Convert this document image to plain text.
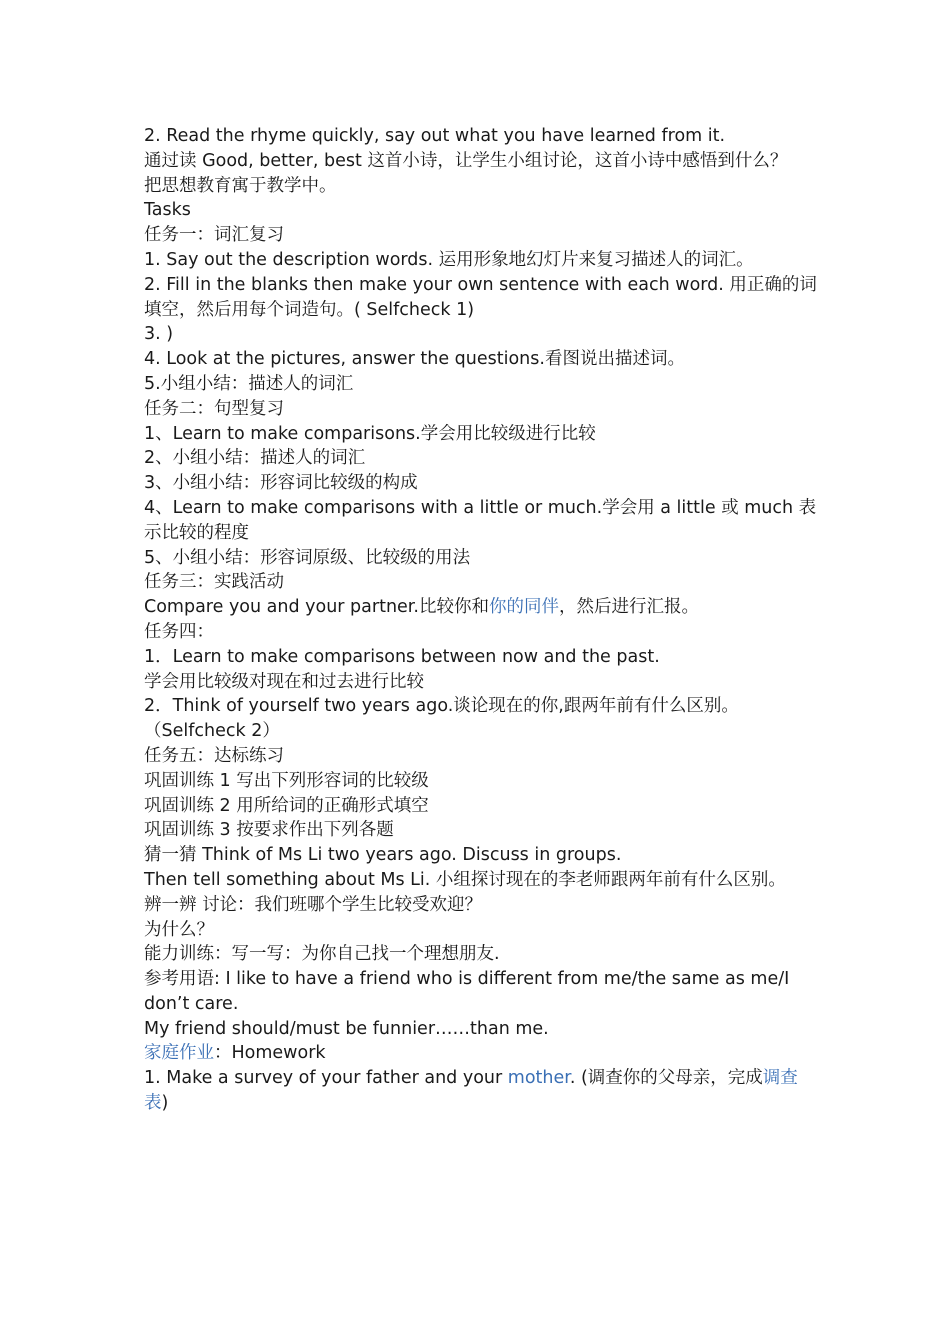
2. Read the rhyme quickly, say out what you have learned from it.
通过读 Good, better, best 这首小诗，让学生小组讨论，这首小诗中感悟到什么？
把思想教育寓于教学中。
Tasks
任务一：词汇复习
1. Say out the description words. 运用形象地幻灯片来复习描述人的词汇。
2. Fill in the blanks then make your own sentence with each word. 用正确的词
填空，然后用每个词造句。( Selfcheck 1)
3. )
4. Look at the pictures, answer the questions.看图说出描述词。
5.小组小结：描述人的词汇
任务二：句型复习
1、Learn to make comparisons.学会用比较级进行比较
2、小组小结：描述人的词汇
3、小组小结：形容词比较级的构成
4、Learn to make comparisons with a little or much.学会用 a little 或 much 表
示比较的程度
5、小组小结：形容词原级、比较级的用法
任务三：实践活动
Compare you and your partner.比较你和你的同伴，然后进行汇报。
任务四：
1．Learn to make comparisons between now and the past.
学会用比较级对现在和过去进行比较
2．Think of yourself two years ago.谈论现在的你,跟两年前有什么区别。
（Selfcheck 2）
任务五：达标练习
巩固训练 1 写出下列形容词的比较级
巩固训练 2 用所给词的正确形式填空
巩固训练 3 按要求作出下列各题
猜一猜 Think of Ms Li two years ago. Discuss in groups.
Then tell something about Ms Li. 小组探讨现在的李老师跟两年前有什么区别。
辨一辨 讨论：我们班哪个学生比较受欢迎？
为什么？
能力训练：写一写：为你自己找一个理想朋友.
参考用语: I like to have a friend who is different from me/the same as me/I
don’t care.
My friend should/must be funnier……than me.
家庭作业：Homework
1. Make a survey of your father and your mother. (调查你的父母亲，完成调查
表)
